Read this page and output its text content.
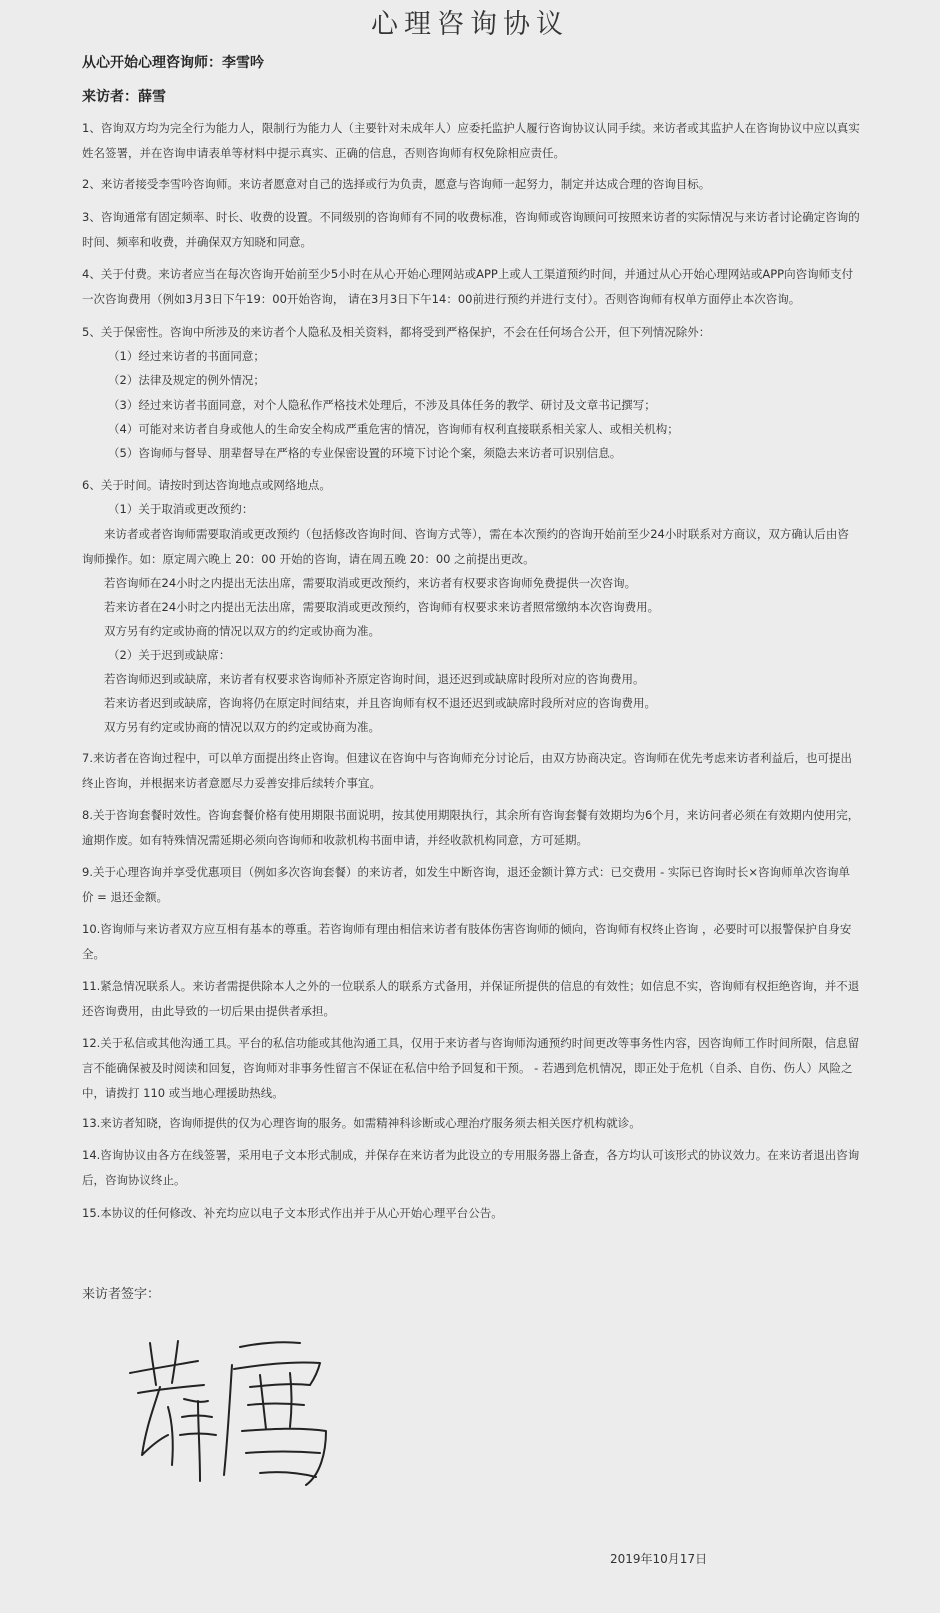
心理咨询协议
从心开始心理咨询师：李雪吟
来访者：薛雪

1、咨询双方均为完全行为能力人，限制行为能力人（主要针对未成年人）应委托监护人履行咨询协议认同手续。来访者或其监护人在咨询协议中应以真实姓名签署，并在咨询申请表单等材料中提示真实、正确的信息，否则咨询师有权免除相应责任。

2、来访者接受李雪吟咨询师。来访者愿意对自己的选择或行为负责，愿意与咨询师一起努力，制定并达成合理的咨询目标。

3、咨询通常有固定频率、时长、收费的设置。不同级别的咨询师有不同的收费标准，咨询师或咨询顾问可按照来访者的实际情况与来访者讨论确定咨询的时间、频率和收费，并确保双方知晓和同意。

4、关于付费。来访者应当在每次咨询开始前至少5小时在从心开始心理网站或APP上或人工渠道预约时间，并通过从心开始心理网站或APP向咨询师支付一次咨询费用（例如3月3日下午19：00开始咨询， 请在3月3日下午14：00前进行预约并进行支付）。否则咨询师有权单方面停止本次咨询。

5、关于保密性。咨询中所涉及的来访者个人隐私及相关资料，都将受到严格保护，不会在任何场合公开，但下列情况除外：

（1）经过来访者的书面同意；

（2）法律及规定的例外情况；

（3）经过来访者书面同意，对个人隐私作严格技术处理后，不涉及具体任务的教学、研讨及文章书记撰写；

（4）可能对来访者自身或他人的生命安全构成严重危害的情况，咨询师有权利直接联系相关家人、或相关机构；

（5）咨询师与督导、朋辈督导在严格的专业保密设置的环境下讨论个案，须隐去来访者可识别信息。

6、关于时间。请按时到达咨询地点或网络地点。

（1）关于取消或更改预约：

来访者或者咨询师需要取消或更改预约（包括修改咨询时间、咨询方式等），需在本次预约的咨询开始前至少24小时联系对方商议，双方确认后由咨询师操作。如：原定周六晚上 20：00 开始的咨询，请在周五晚 20：00 之前提出更改。

若咨询师在24小时之内提出无法出席，需要取消或更改预约，来访者有权要求咨询师免费提供一次咨询。

若来访者在24小时之内提出无法出席，需要取消或更改预约，咨询师有权要求来访者照常缴纳本次咨询费用。

双方另有约定或协商的情况以双方的约定或协商为准。

（2）关于迟到或缺席：

若咨询师迟到或缺席，来访者有权要求咨询师补齐原定咨询时间，退还迟到或缺席时段所对应的咨询费用。

若来访者迟到或缺席，咨询将仍在原定时间结束，并且咨询师有权不退还迟到或缺席时段所对应的咨询费用。

双方另有约定或协商的情况以双方的约定或协商为准。

7.来访者在咨询过程中，可以单方面提出终止咨询。但建议在咨询中与咨询师充分讨论后，由双方协商决定。咨询师在优先考虑来访者利益后，也可提出终止咨询，并根据来访者意愿尽力妥善安排后续转介事宜。

8.关于咨询套餐时效性。咨询套餐价格有使用期限书面说明，按其使用期限执行，其余所有咨询套餐有效期均为6个月，来访问者必须在有效期内使用完，逾期作废。如有特殊情况需延期必须向咨询师和收款机构书面申请，并经收款机构同意，方可延期。

9.关于心理咨询并享受优惠项目（例如多次咨询套餐）的来访者，如发生中断咨询，退还金额计算方式：已交费用 - 实际已咨询时长×咨询师单次咨询单价 = 退还金额。

10.咨询师与来访者双方应互相有基本的尊重。若咨询师有理由相信来访者有肢体伤害咨询师的倾向，咨询师有权终止咨询 ，必要时可以报警保护自身安全。

11.紧急情况联系人。来访者需提供除本人之外的一位联系人的联系方式备用，并保证所提供的信息的有效性；如信息不实，咨询师有权拒绝咨询，并不退还咨询费用，由此导致的一切后果由提供者承担。

12.关于私信或其他沟通工具。平台的私信功能或其他沟通工具，仅用于来访者与咨询师沟通预约时间更改等事务性内容，因咨询师工作时间所限，信息留言不能确保被及时阅读和回复，咨询师对非事务性留言不保证在私信中给予回复和干预。 - 若遇到危机情况，即正处于危机（自杀、自伤、伤人）风险之中，请拨打 110 或当地心理援助热线。

13.来访者知晓，咨询师提供的仅为心理咨询的服务。如需精神科诊断或心理治疗服务须去相关医疗机构就诊。

14.咨询协议由各方在线签署，采用电子文本形式制成，并保存在来访者为此设立的专用服务器上备查，各方均认可该形式的协议效力。在来访者退出咨询后，咨询协议终止。

15.本协议的任何修改、补充均应以电子文本形式作出并于从心开始心理平台公告。

来访者签字：
2019年10月17日
